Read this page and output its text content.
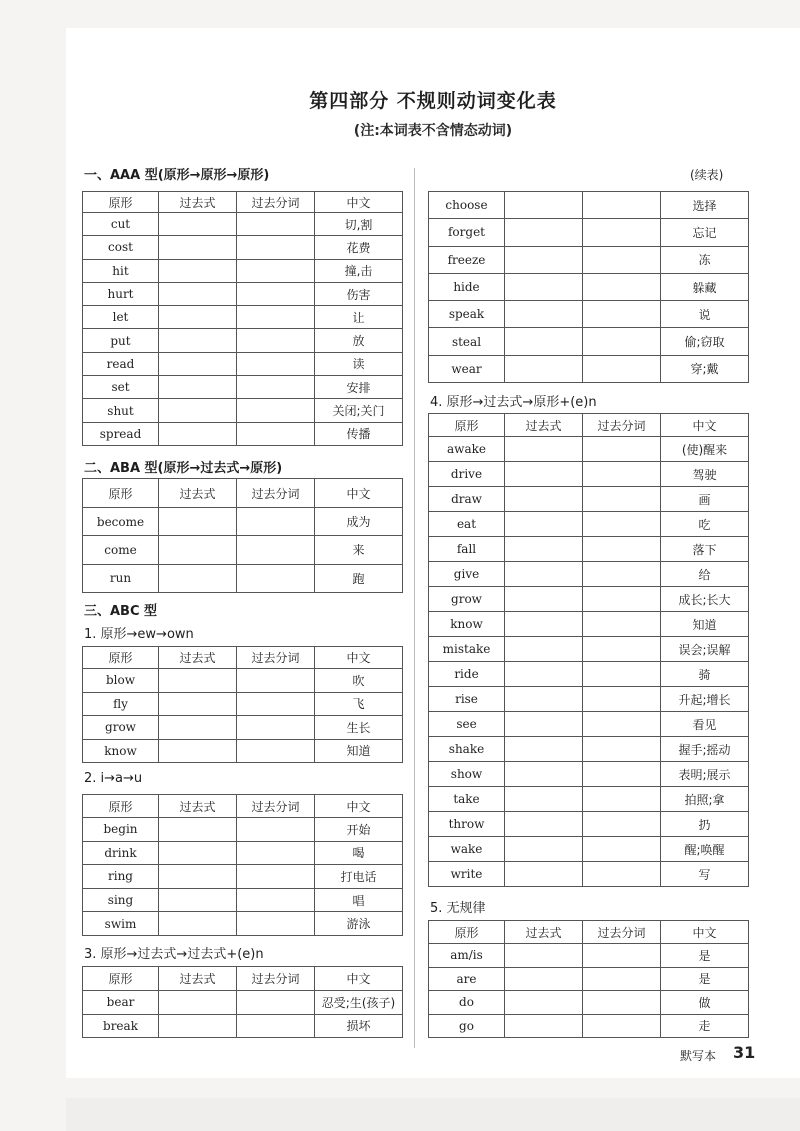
第四部分 不规则动词变化表
(注:本词表不含情态动词)
一、AAA 型(原形→原形→原形)
原形	过去式	过去分词	中文
cut			切,割
cost			花费
hit			撞,击
hurt			伤害
let			让
put			放
read			读
set			安排
shut			关闭;关门
spread			传播
二、ABA 型(原形→过去式→原形)
原形	过去式	过去分词	中文
become			成为
come			来
run			跑
三、ABC 型
1. 原形→ew→own
原形	过去式	过去分词	中文
blow			吹
fly			飞
grow			生长
know			知道
2. i→a→u
原形	过去式	过去分词	中文
begin			开始
drink			喝
ring			打电话
sing			唱
swim			游泳
3. 原形→过去式→过去式+(e)n
原形	过去式	过去分词	中文
bear			忍受;生(孩子)
break			损坏
(续表)
choose			选择
forget			忘记
freeze			冻
hide			躲藏
speak			说
steal			偷;窃取
wear			穿;戴
4. 原形→过去式→原形+(e)n
原形	过去式	过去分词	中文
awake			(使)醒来
drive			驾驶
draw			画
eat			吃
fall			落下
give			给
grow			成长;长大
know			知道
mistake			误会;误解
ride			骑
rise			升起;增长
see			看见
shake			握手;摇动
show			表明;展示
take			拍照;拿
throw			扔
wake			醒;唤醒
write			写
5. 无规律
原形	过去式	过去分词	中文
am/is			是
are			是
do			做
go			走
默写本 31
